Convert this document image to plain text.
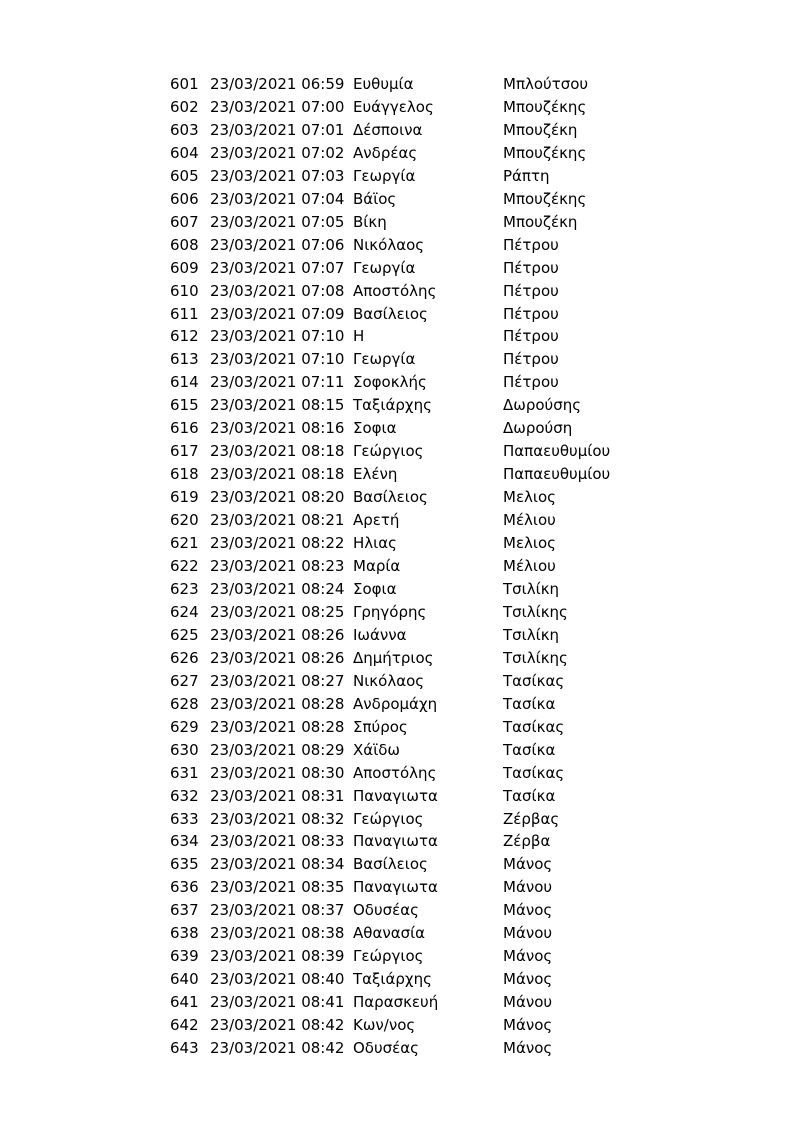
601	23/03/2021 06:59	Ευθυμία	Μπλούτσου
602	23/03/2021 07:00	Ευάγγελος	Μπουζέκης
603	23/03/2021 07:01	Δέσποινα	Μπουζέκη
604	23/03/2021 07:02	Ανδρέας	Μπουζέκης
605	23/03/2021 07:03	Γεωργία	Ράπτη
606	23/03/2021 07:04	Βάϊος	Μπουζέκης
607	23/03/2021 07:05	Βίκη	Μπουζέκη
608	23/03/2021 07:06	Νικόλαος	Πέτρου
609	23/03/2021 07:07	Γεωργία	Πέτρου
610	23/03/2021 07:08	Αποστόλης	Πέτρου
611	23/03/2021 07:09	Βασίλειος	Πέτρου
612	23/03/2021 07:10	Η	Πέτρου
613	23/03/2021 07:10	Γεωργία	Πέτρου
614	23/03/2021 07:11	Σοφοκλής	Πέτρου
615	23/03/2021 08:15	Ταξιάρχης	Δωρούσης
616	23/03/2021 08:16	Σοφια	Δωρούση
617	23/03/2021 08:18	Γεώργιος	Παπαευθυμίου
618	23/03/2021 08:18	Ελένη	Παπαευθυμίου
619	23/03/2021 08:20	Βασίλειος	Μελιος
620	23/03/2021 08:21	Αρετή	Μέλιου
621	23/03/2021 08:22	Ηλιας	Μελιος
622	23/03/2021 08:23	Μαρία	Μέλιου
623	23/03/2021 08:24	Σοφια	Τσιλίκη
624	23/03/2021 08:25	Γρηγόρης	Τσιλίκης
625	23/03/2021 08:26	Ιωάννα	Τσιλίκη
626	23/03/2021 08:26	Δημήτριος	Τσιλίκης
627	23/03/2021 08:27	Νικόλαος	Τασίκας
628	23/03/2021 08:28	Ανδρομάχη	Τασίκα
629	23/03/2021 08:28	Σπύρος	Τασίκας
630	23/03/2021 08:29	Χάϊδω	Τασίκα
631	23/03/2021 08:30	Αποστόλης	Τασίκας
632	23/03/2021 08:31	Παναγιωτα	Τασίκα
633	23/03/2021 08:32	Γεώργιος	Ζέρβας
634	23/03/2021 08:33	Παναγιωτα	Ζέρβα
635	23/03/2021 08:34	Βασίλειος	Μάνος
636	23/03/2021 08:35	Παναγιωτα	Μάνου
637	23/03/2021 08:37	Οδυσέας	Μάνος
638	23/03/2021 08:38	Αθανασία	Μάνου
639	23/03/2021 08:39	Γεώργιος	Μάνος
640	23/03/2021 08:40	Ταξιάρχης	Μάνος
641	23/03/2021 08:41	Παρασκευή	Μάνου
642	23/03/2021 08:42	Κων/νος	Μάνος
643	23/03/2021 08:42	Οδυσέας	Μάνος
